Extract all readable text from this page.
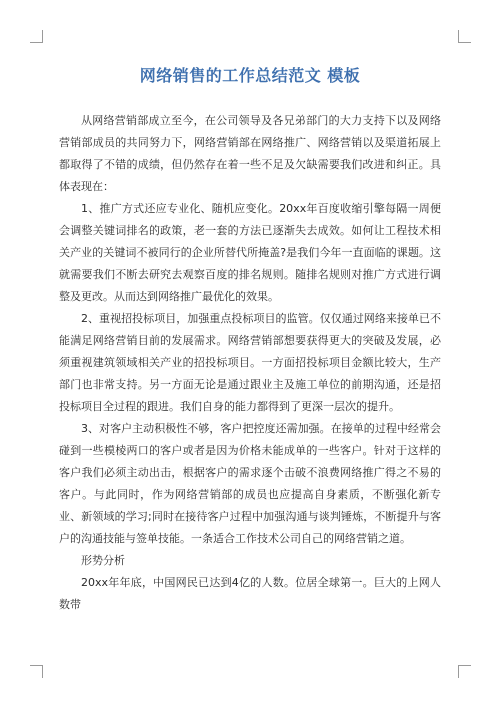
网络销售的工作总结范文 模板

从网络营销部成立至今，在公司领导及各兄弟部门的大力支持下以及网络营销部成员的共同努力下，网络营销部在网络推广、网络营销以及渠道拓展上都取得了不错的成绩，但仍然存在着一些不足及欠缺需要我们改进和纠正。具体表现在：

1、推广方式还应专业化、随机应变化。20xx年百度收缩引擎每隔一周便会调整关键词排名的政策，老一套的方法已逐渐失去成效。如何让工程技术相关产业的关键词不被同行的企业所替代所掩盖?是我们今年一直面临的课题。这就需要我们不断去研究去观察百度的排名规则。随排名规则对推广方式进行调整及更改。从而达到网络推广最优化的效果。

2、重视招投标项目，加强重点投标项目的监管。仅仅通过网络来接单已不能满足网络营销目前的发展需求。网络营销部想要获得更大的突破及发展，必须重视建筑领域相关产业的招投标项目。一方面招投标项目金额比较大，生产部门也非常支持。另一方面无论是通过跟业主及施工单位的前期沟通，还是招投标项目全过程的跟进。我们自身的能力都得到了更深一层次的提升。

3、对客户主动积极性不够，客户把控度还需加强。在接单的过程中经常会碰到一些模棱两口的客户或者是因为价格未能成单的一些客户。针对于这样的客户我们必须主动出击，根据客户的需求逐个击破不浪费网络推广得之不易的客户。与此同时，作为网络营销部的成员也应提高自身素质，不断强化新专业、新领域的学习;同时在接待客户过程中加强沟通与谈判锤炼，不断提升与客户的沟通技能与签单技能。一条适合工作技术公司自己的网络营销之道。

形势分析

20xx年年底，中国网民已达到4亿的人数。位居全球第一。巨大的上网人数带
